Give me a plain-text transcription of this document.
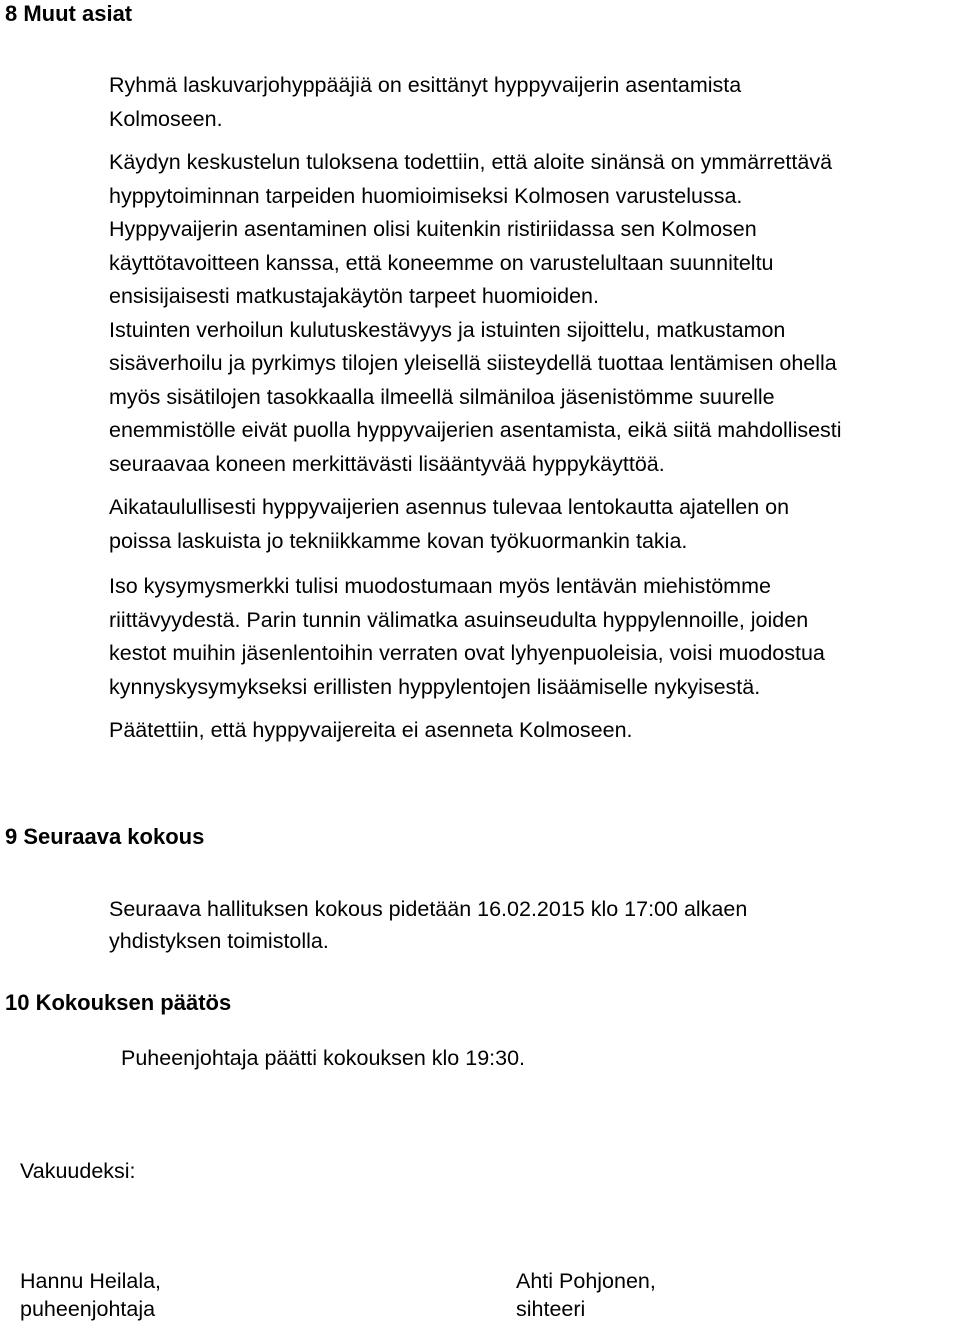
8 Muut asiat

Ryhmä laskuvarjohyppääjiä on esittänyt hyppyvaijerin asentamista
Kolmoseen.

Käydyn keskustelun tuloksena todettiin, että aloite sinänsä on ymmärrettävä
hyppytoiminnan tarpeiden huomioimiseksi Kolmosen varustelussa.
Hyppyvaijerin asentaminen olisi kuitenkin ristiriidassa sen Kolmosen
käyttötavoitteen kanssa, että koneemme on varustelultaan suunniteltu
ensisijaisesti matkustajakäytön tarpeet huomioiden.
Istuinten verhoilun kulutuskestävyys ja istuinten sijoittelu, matkustamon
sisäverhoilu ja pyrkimys tilojen yleisellä siisteydellä tuottaa lentämisen ohella
myös sisätilojen tasokkaalla ilmeellä silmäniloa jäsenistömme suurelle
enemmistölle eivät puolla hyppyvaijerien asentamista, eikä siitä mahdollisesti
seuraavaa koneen merkittävästi lisääntyvää hyppykäyttöä.

Aikataulullisesti hyppyvaijerien asennus tulevaa lentokautta ajatellen on
poissa laskuista jo tekniikkamme kovan työkuormankin takia.

Iso kysymysmerkki tulisi muodostumaan myös lentävän miehistömme
riittävyydestä. Parin tunnin välimatka asuinseudulta hyppylennoille, joiden
kestot muihin jäsenlentoihin verraten ovat lyhyenpuoleisia, voisi muodostua
kynnyskysymykseksi erillisten hyppylentojen lisäämiselle nykyisestä.

Päätettiin, että hyppyvaijereita ei asenneta Kolmoseen.

9 Seuraava kokous

Seuraava hallituksen kokous pidetään 16.02.2015 klo 17:00 alkaen
yhdistyksen toimistolla.

10 Kokouksen päätös

Puheenjohtaja päätti kokouksen klo 19:30.

Vakuudeksi:

Hannu Heilala,
puheenjohtaja
Ahti Pohjonen,
sihteeri
